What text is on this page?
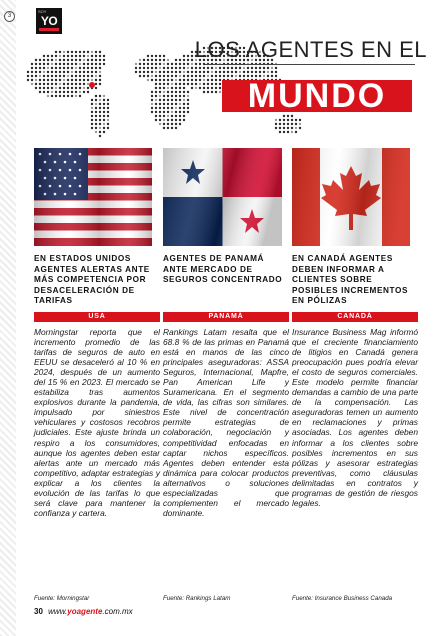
3
SOY
YO
LOS AGENTES EN EL
MUNDO
EN ESTADOS UNIDOS AGENTES ALERTAS ANTE MÁS COMPETENCIA POR DESACELERACIÓN DE TARIFAS
USA
Morningstar reporta que el incremento promedio de las tarifas de seguros de auto en EEUU se desaceleró al 10 % en 2024, después de un aumento del 15 % en 2023. El mercado se estabiliza tras aumentos explosivos durante la pandemia, impulsado por siniestros vehiculares y costosos recobros judiciales. Este ajuste brinda un respiro a los consumidores, aunque los agentes deben estar alertas ante un mercado más competitivo, adaptar estrategias y explicar a los clientes la evolución de las tarifas lo que será clave para mantener la confianza y cartera.
AGENTES DE PANAMÁ ANTE MERCADO DE SEGUROS CONCENTRADO
PANAMÁ
Rankings Latam resalta que el 68.8 % de las primas en Panamá está en manos de las cinco principales aseguradoras: ASSA Seguros, Internacional, Mapfre, Pan American Life y Suramericana. En el segmento de vida, las cifras son similares. Este nivel de concentración permite estrategias de colaboración, negociación y competitividad enfocadas en captar nichos específicos. Agentes deben entender esta dinámica para colocar productos alternativos o soluciones especializadas que complementen el mercado dominante.
EN CANADÁ AGENTES DEBEN INFORMAR A CLIENTES SOBRE POSIBLES INCREMENTOS EN PÓLIZAS
CANADÁ
Insurance Business Mag informó que el creciente financiamiento de litigios en Canadá genera preocupación pues podría elevar el costo de seguros comerciales. Este modelo permite financiar demandas a cambio de una parte de la compensación. Las aseguradoras temen un aumento en reclamaciones y primas asociadas. Los agentes deben informar a los clientes sobre posibles incrementos en sus pólizas y asesorar estrategias preventivas, como cláusulas delimitadas en contratos y programas de gestión de riesgos legales.
Fuente: Morningstar	Fuente: Rankings Latam	Fuente: Insurance Business Canada
30 www.yoagente.com.mx
